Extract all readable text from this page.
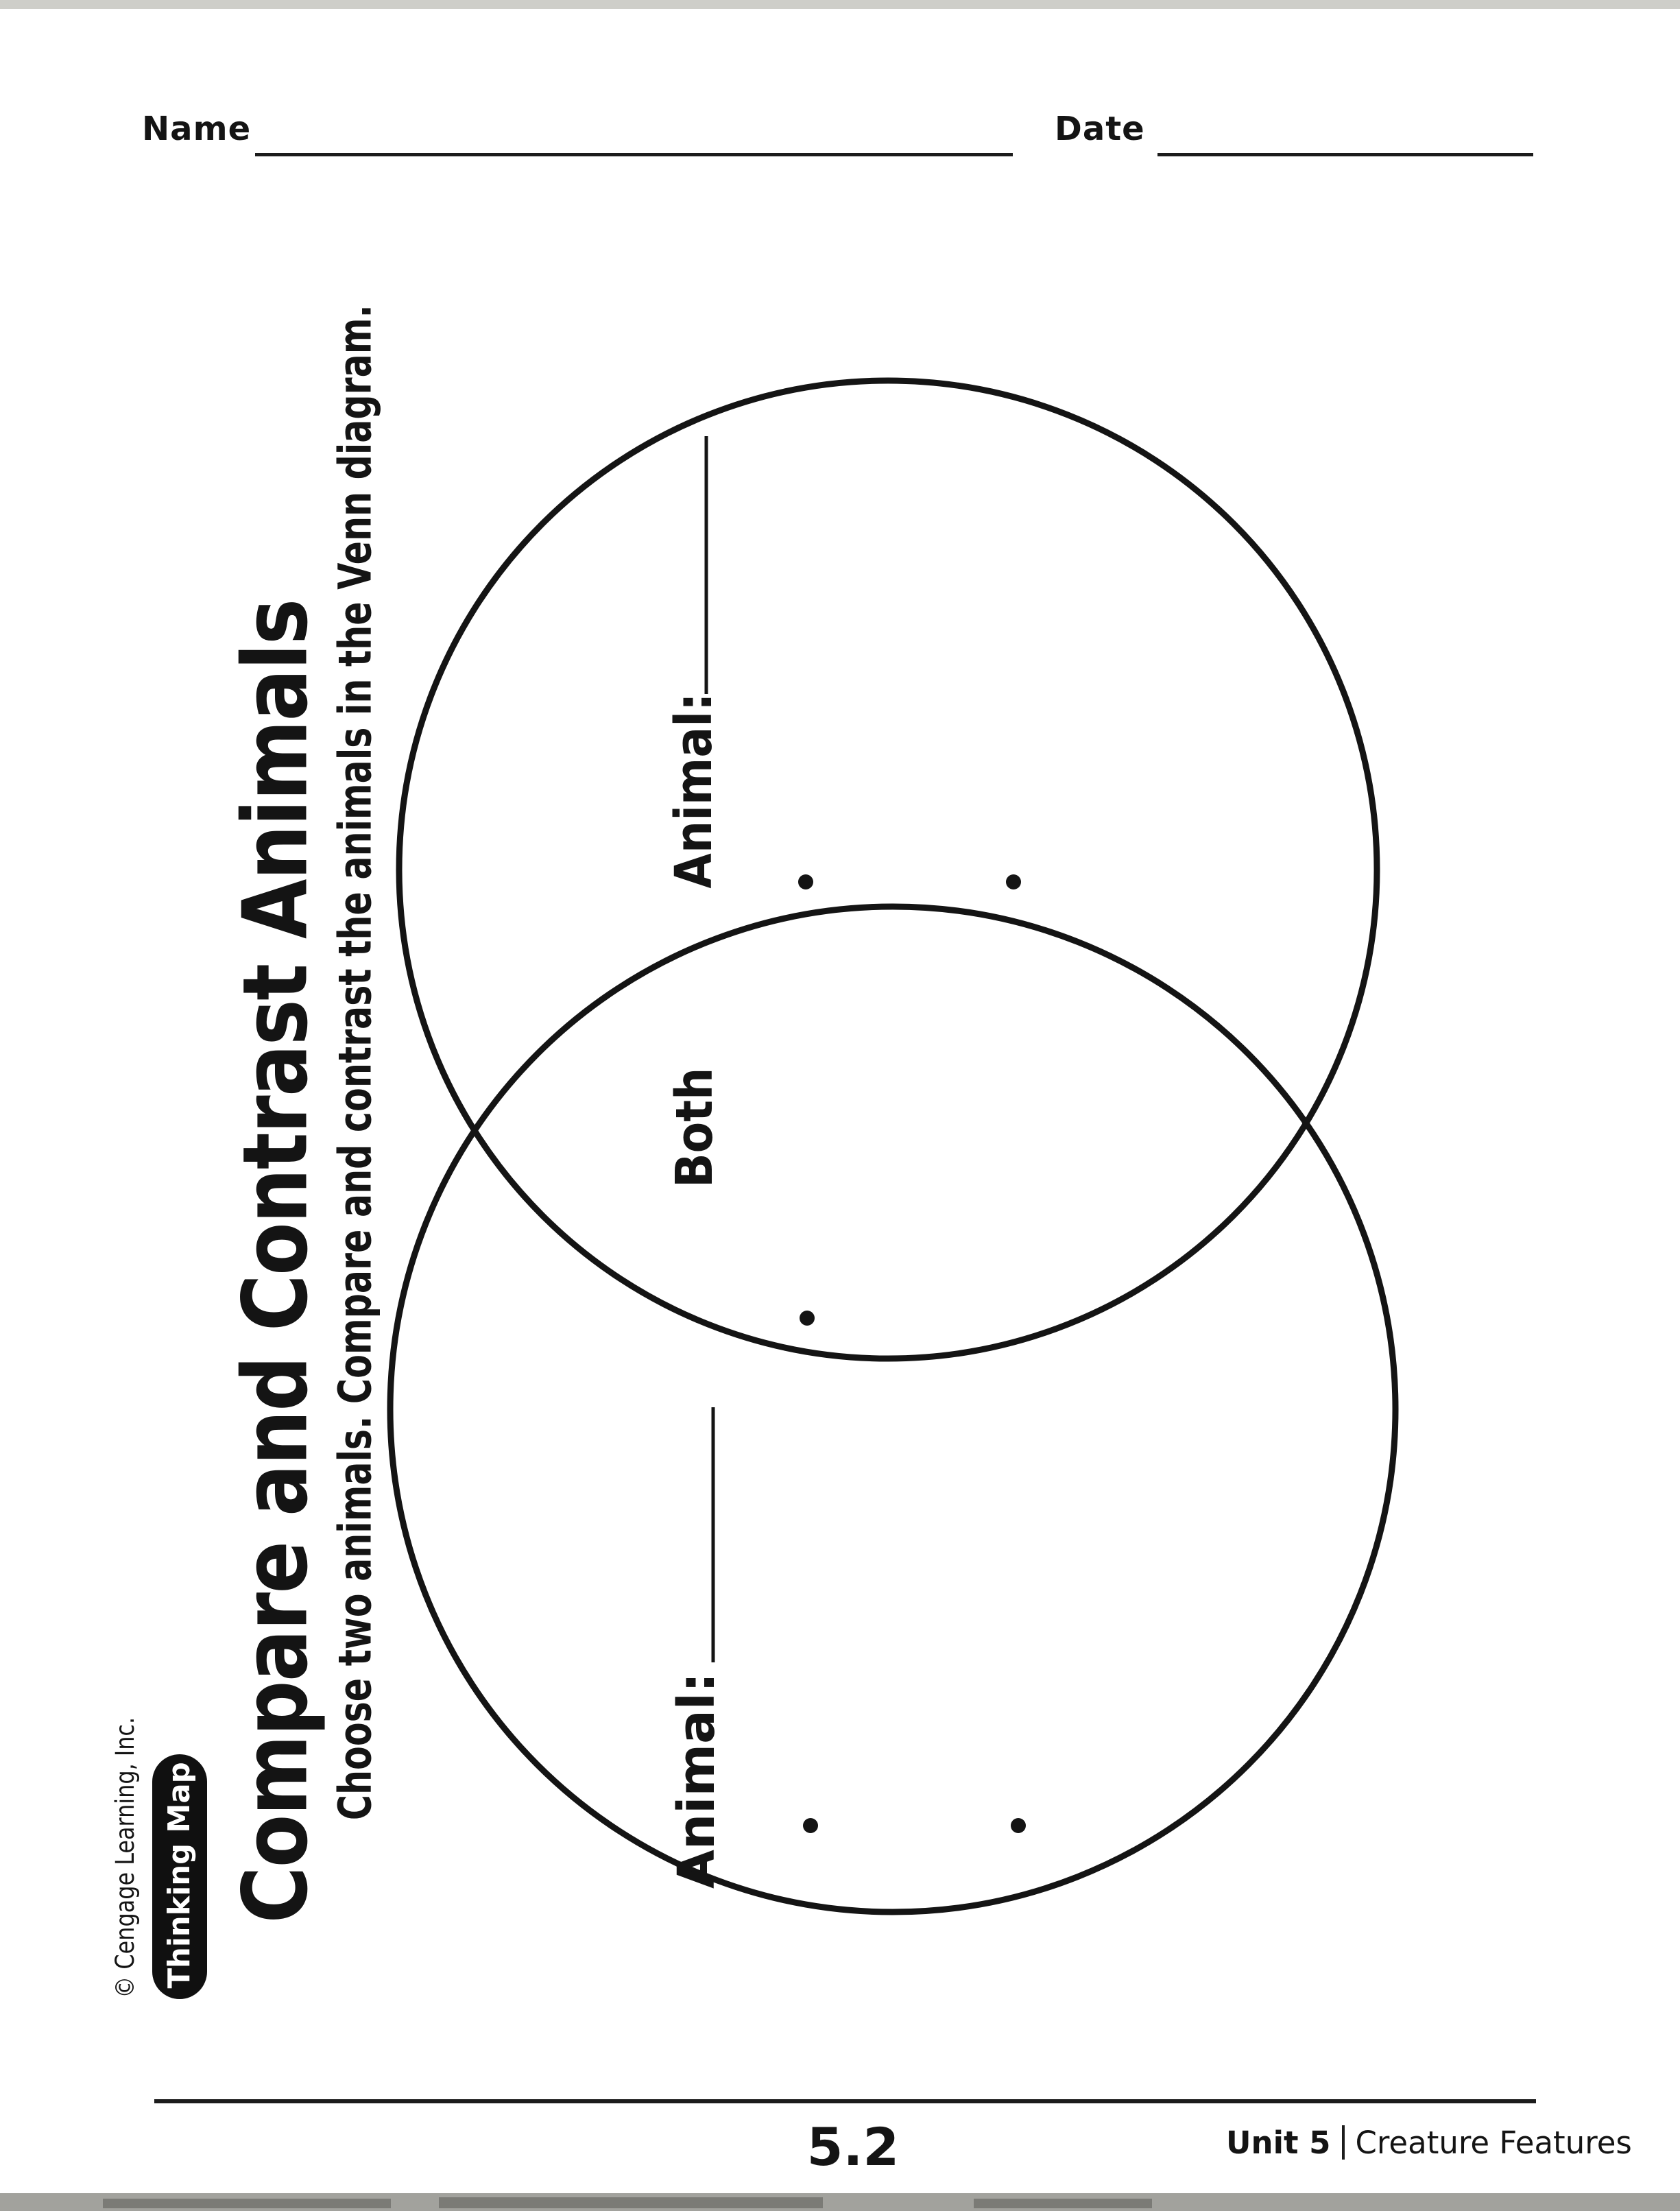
Name	Date
Animal:
Both
Animal:
Compare and Contrast Animals Choose two animals. Compare and contrast the animals in the Venn diagram.
Thinking Map
© Cengage Learning, Inc.
5.2	Unit 5 Creature Features
